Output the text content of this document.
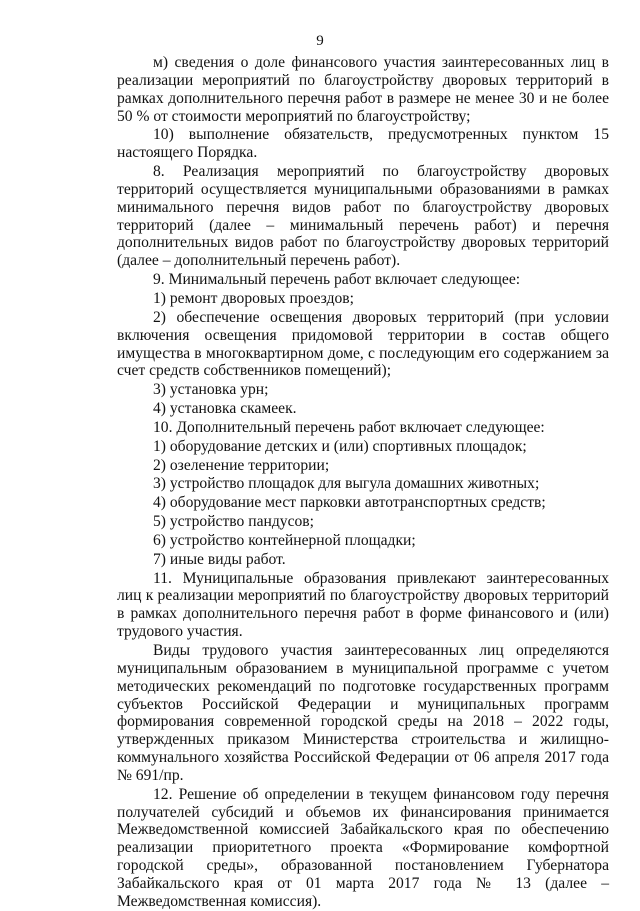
9

м) сведения о доле финансового участия заинтересованных лиц в реализации мероприятий по благоустройству дворовых территорий в рамках дополнительного перечня работ в размере не менее 30 и не более 50 % от стоимости мероприятий по благоустройству;

10) выполнение обязательств, предусмотренных пунктом 15 настоящего Порядка.

8. Реализация мероприятий по благоустройству дворовых территорий осуществляется муниципальными образованиями в рамках минимального перечня видов работ по благоустройству дворовых территорий (далее – минимальный перечень работ) и перечня дополнительных видов работ по благоустройству дворовых территорий (далее – дополнительный перечень работ).

9. Минимальный перечень работ включает следующее:

1) ремонт дворовых проездов;

2) обеспечение освещения дворовых территорий (при условии включения освещения придомовой территории в состав общего имущества в многоквартирном доме, с последующим его содержанием за счет средств собственников помещений);

3) установка урн;

4) установка скамеек.

10. Дополнительный перечень работ включает следующее:

1) оборудование детских и (или) спортивных площадок;

2) озеленение территории;

3) устройство площадок для выгула домашних животных;

4) оборудование мест парковки автотранспортных средств;

5) устройство пандусов;

6) устройство контейнерной площадки;

7) иные виды работ.

11. Муниципальные образования привлекают заинтересованных лиц к реализации мероприятий по благоустройству дворовых территорий в рамках дополнительного перечня работ в форме финансового и (или) трудового участия.

Виды трудового участия заинтересованных лиц определяются муниципальным образованием в муниципальной программе с учетом методических рекомендаций по подготовке государственных программ субъектов Российской Федерации и муниципальных программ формирования современной городской среды на 2018 – 2022 годы, утвержденных приказом Министерства строительства и жилищно-коммунального хозяйства Российской Федерации от 06 апреля 2017 года № 691/пр.

12. Решение об определении в текущем финансовом году перечня получателей субсидий и объемов их финансирования принимается Межведомственной комиссией Забайкальского края по обеспечению реализации приоритетного проекта «Формирование комфортной городской среды», образованной постановлением Губернатора Забайкальского края от 01 марта 2017 года № 13 (далее – Межведомственная комиссия).
